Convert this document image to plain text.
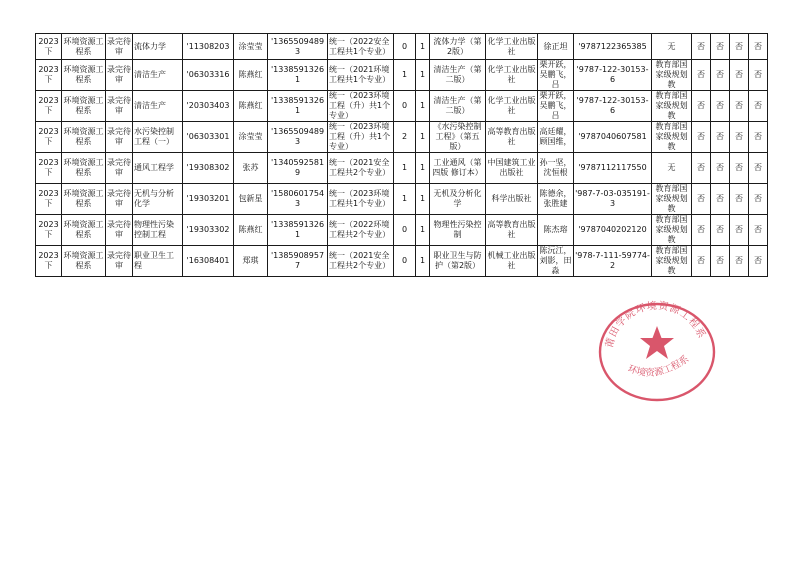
2023下	环境资源工程系	录完待审	流体力学	'11308203	涂莹莹	'13655094893	统一（2022安全工程共1个专业）	0	1	流体力学（第2版）	化学工业出版社	徐正坦	'9787122365385	无	否	否	否	否
2023下	环境资源工程系	录完待审	清洁生产	'06303316	陈燕红	'13385913261	统一（2021环境工程共1个专业）	1	1	清洁生产（第二版）	化学工业出版社	栗开跃，吴鹏飞，吕	'9787-122-30153-6	教育部国家级规划教	否	否	否	否
2023下	环境资源工程系	录完待审	清洁生产	'20303403	陈燕红	'13385913261	统一（2023环境工程（升）共1个专业）	0	1	清洁生产（第二版）	化学工业出版社	栗开跃，吴鹏飞，吕	'9787-122-30153-6	教育部国家级规划教	否	否	否	否
2023下	环境资源工程系	录完待审	水污染控制工程（一）	'06303301	涂莹莹	'13655094893	统一（2023环境工程（升）共1个专业）	2	1	《水污染控制工程》（第五版）	高等教育出版社	高廷耀，顾国维，	'9787040607581	教育部国家级规划教	否	否	否	否
2023下	环境资源工程系	录完待审	通风工程学	'19308302	张苏	'13405925819	统一（2021安全工程共2个专业）	1	1	工业通风（第四版 修订本）	中国建筑工业出版社	孙一坚，沈恒根	'9787112117550	无	否	否	否	否
2023下	环境资源工程系	录完待审	无机与分析化学	'19303201	包新星	'15806017543	统一（2023环境工程共1个专业）	1	1	无机及分析化学	科学出版社	陈德余，张胜建	'987-7-03-035191-3	教育部国家级规划教	否	否	否	否
2023下	环境资源工程系	录完待审	物理性污染控制工程	'19303302	陈燕红	'13385913261	统一（2022环境工程共2个专业）	0	1	物理性污染控制	高等教育出版社	陈杰瑢	'9787040202120	教育部国家级规划教	否	否	否	否
2023下	环境资源工程系	录完待审	职业卫生工程	'16308401	郑琪	'13859089577	统一（2021安全工程共2个专业）	0	1	职业卫生与防护（第2版）	机械工业出版社	陈沅江，刘影，田淼	'978-7-111-59774-2	教育部国家级规划教	否	否	否	否
莆田学院环境资源工程系
环境资源工程系
